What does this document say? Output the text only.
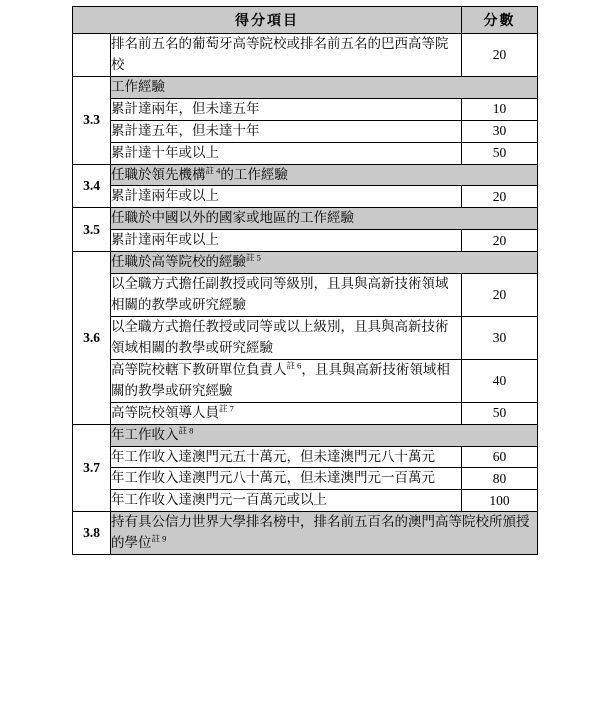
得分項目		分數
	排名前五名的葡萄牙高等院校或排名前五名的巴西高等院校	20
3.3	工作經驗	
	累計達兩年，但未達五年	10
	累計達五年，但未達十年	30
	累計達十年或以上	50
3.4	任職於領先機構$^{註 4}$的工作經驗	
	累計達兩年或以上	20
3.5	任職於中國以外的國家或地區的工作經驗	
	累計達兩年或以上	20
3.6	任職於高等院校的經驗$^{註 5}$
	以全職方式擔任副教授或同等級別，且具與高新技術領域相關的教學或研究經驗	20
	以全職方式擔任教授或同等或以上級別，且具與高新技術領域相關的教學或研究經驗	30
	高等院校轄下教研單位負責人$^{註 6}$，且具與高新技術領域相關的教學或研究經驗	40
	高等院校領導人員$^{註 7}$	50
3.7	年工作收入$^{註 8}$
	年工作收入達澳門元五十萬元，但未達澳門元八十萬元	60
	年工作收入達澳門元八十萬元，但未達澳門元一百萬元	80
	年工作收入達澳門元一百萬元或以上	100
3.8	持有具公信力世界大學排名榜中，排名前五百名的澳門高等院校所頒授的學位$^{註 9}$
